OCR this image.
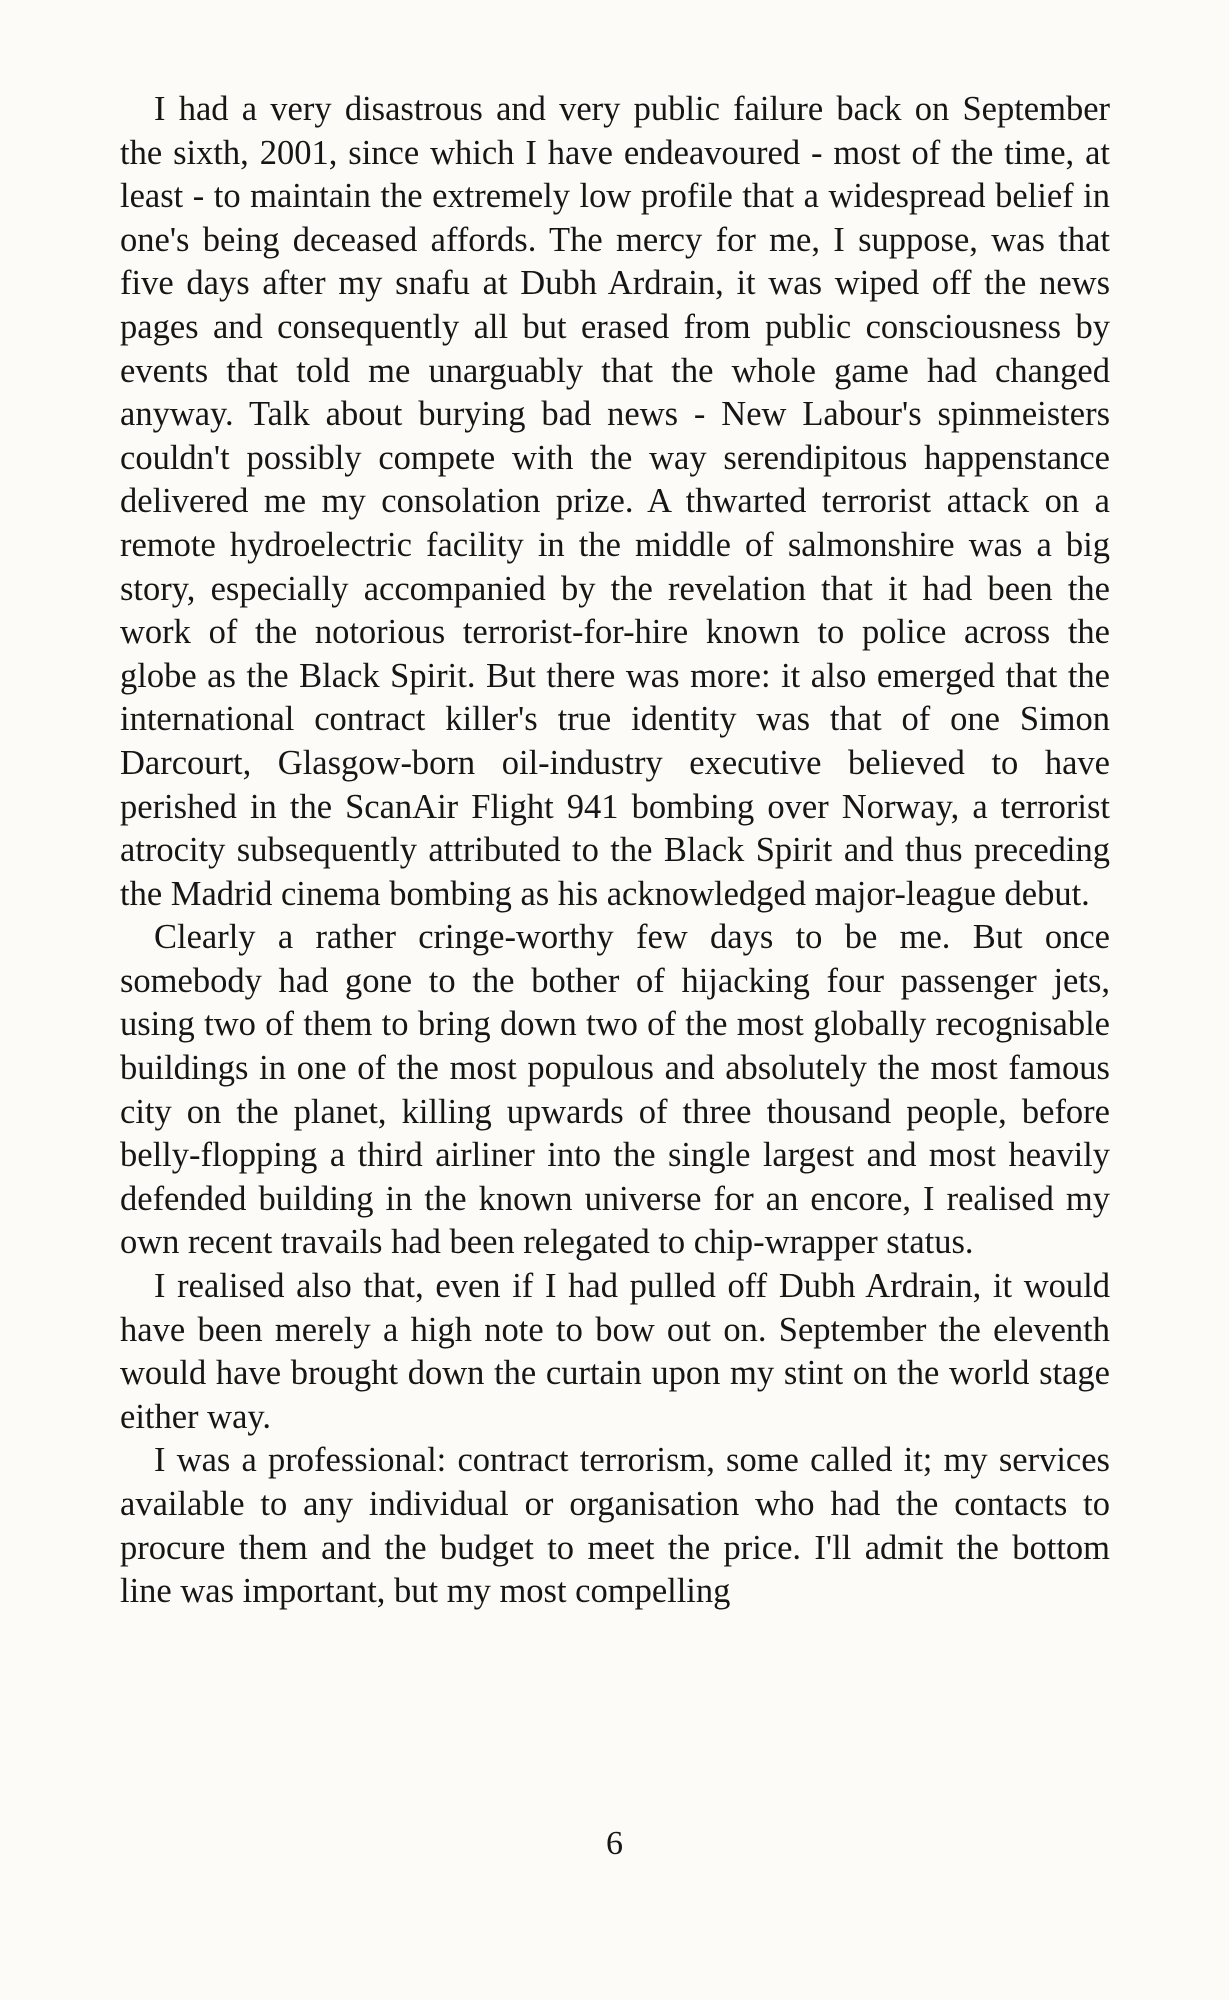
I had a very disastrous and very public failure back on September the sixth, 2001, since which I have endeavoured - most of the time, at least - to maintain the extremely low profile that a widespread belief in one's being deceased affords. The mercy for me, I suppose, was that five days after my snafu at Dubh Ardrain, it was wiped off the news pages and consequently all but erased from public consciousness by events that told me unarguably that the whole game had changed anyway. Talk about burying bad news - New Labour's spinmeisters couldn't possibly compete with the way serendipitous happenstance delivered me my consolation prize. A thwarted terrorist attack on a remote hydroelectric facility in the middle of salmonshire was a big story, especially accompanied by the revelation that it had been the work of the notorious terrorist-for-hire known to police across the globe as the Black Spirit. But there was more: it also emerged that the international contract killer's true identity was that of one Simon Darcourt, Glasgow-born oil-industry executive believed to have perished in the ScanAir Flight 941 bombing over Norway, a terrorist atrocity subsequently attributed to the Black Spirit and thus preceding the Madrid cinema bombing as his acknowledged major-league debut.

Clearly a rather cringe-worthy few days to be me. But once somebody had gone to the bother of hijacking four passenger jets, using two of them to bring down two of the most globally recognisable buildings in one of the most populous and absolutely the most famous city on the planet, killing upwards of three thousand people, before belly-flopping a third airliner into the single largest and most heavily defended building in the known universe for an encore, I realised my own recent travails had been relegated to chip-wrapper status.

I realised also that, even if I had pulled off Dubh Ardrain, it would have been merely a high note to bow out on. September the eleventh would have brought down the curtain upon my stint on the world stage either way.

I was a professional: contract terrorism, some called it; my services available to any individual or organisation who had the contacts to procure them and the budget to meet the price. I'll admit the bottom line was important, but my most compelling

6
